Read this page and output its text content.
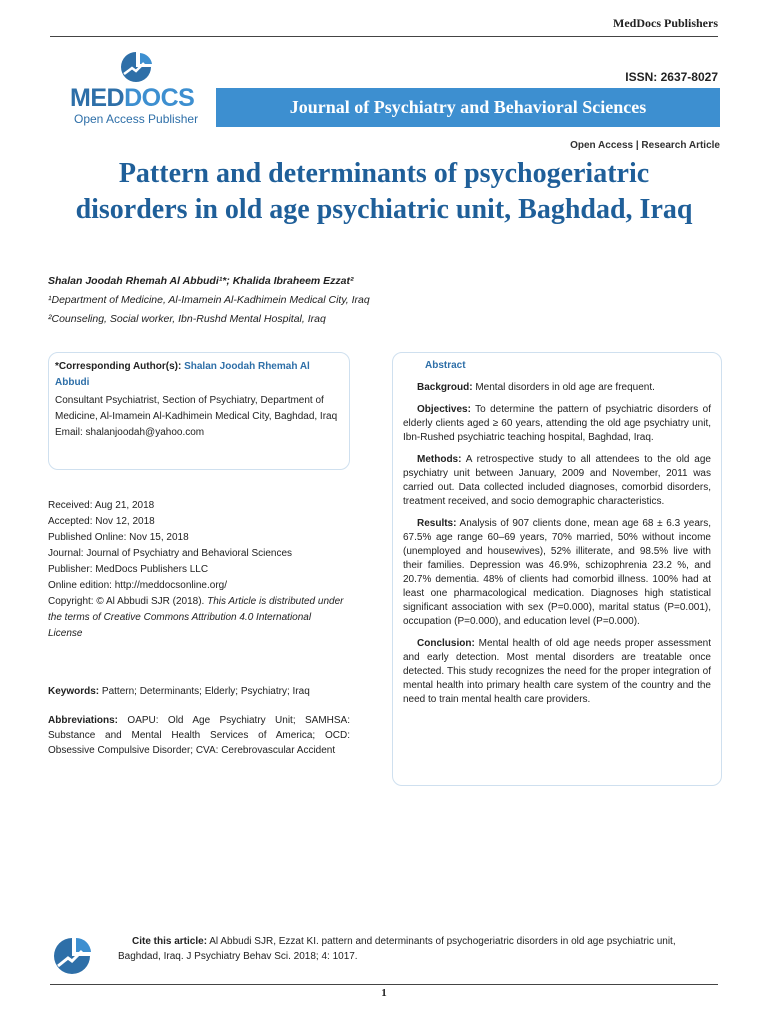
MedDocs Publishers
MEDDOCS
Open Access Publisher
ISSN: 2637-8027
Journal of Psychiatry and Behavioral Sciences
Open Access | Research Article
Pattern and determinants of psychogeriatric disorders in old age psychiatric unit, Baghdad, Iraq
Shalan Joodah Rhemah Al Abbudi¹*; Khalida Ibraheem Ezzat²
¹Department of Medicine, Al-Imamein Al-Kadhimein Medical City, Iraq
²Counseling, Social worker, Ibn-Rushd Mental Hospital, Iraq
*Corresponding Author(s): Shalan Joodah Rhemah Al Abbudi
Consultant Psychiatrist, Section of Psychiatry, Department of Medicine, Al-Imamein Al-Kadhimein Medical City, Baghdad, Iraq
Email: shalanjoodah@yahoo.com
Received: Aug 21, 2018
Accepted: Nov 12, 2018
Published Online: Nov 15, 2018
Journal: Journal of Psychiatry and Behavioral Sciences
Publisher: MedDocs Publishers LLC
Online edition: http://meddocsonline.org/
Copyright: © Al Abbudi SJR (2018). This Article is distributed under the terms of Creative Commons Attribution 4.0 International License
Keywords: Pattern; Determinants; Elderly; Psychiatry; Iraq
Abbreviations: OAPU: Old Age Psychiatry Unit; SAMHSA: Substance and Mental Health Services of America; OCD: Obsessive Compulsive Disorder; CVA: Cerebrovascular Accident
Abstract

Backgroud: Mental disorders in old age are frequent.

Objectives: To determine the pattern of psychiatric disorders of elderly clients aged ≥ 60 years, attending the old age psychiatry unit, Ibn-Rushed psychiatric teaching hospital, Baghdad, Iraq.

Methods: A retrospective study to all attendees to the old age psychiatry unit between January, 2009 and November, 2011 was carried out. Data collected included diagnoses, comorbid disorders, treatment received, and socio demographic characteristics.

Results: Analysis of 907 clients done, mean age 68 ± 6.3 years, 67.5% age range 60–69 years, 70% married, 50% without income (unemployed and housewives), 52% illiterate, and 98.5% live with their families. Depression was 46.9%, schizophrenia 23.2 %, and 20.7% dementia. 48% of clients had comorbid illness. 100% had at least one pharmacological medication. Diagnoses high statistical significant association with sex (P=0.000), marital status (P=0.001), occupation (P=0.000), and education level (P=0.000).

Conclusion: Mental health of old age needs proper assessment and early detection. Most mental disorders are treatable once detected. This study recognizes the need for the proper integration of mental health into primary health care system of the country and the need to train mental health care providers.

Cite this article: Al Abbudi SJR, Ezzat KI. pattern and determinants of psychogeriatric disorders in old age psychiatric unit, Baghdad, Iraq. J Psychiatry Behav Sci. 2018; 4: 1017.
1
